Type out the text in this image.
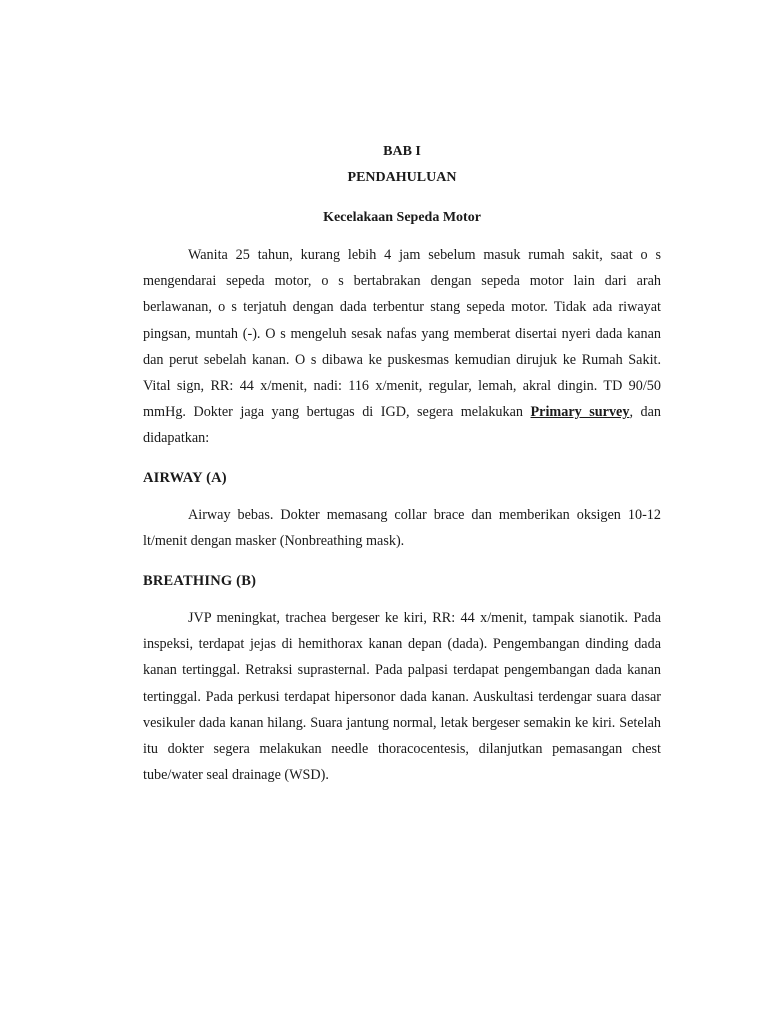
BAB I

PENDAHULUAN

Kecelakaan Sepeda Motor

Wanita 25 tahun, kurang lebih 4 jam sebelum masuk rumah sakit, saat o s mengendarai sepeda motor, o s bertabrakan dengan sepeda motor lain dari arah berlawanan, o s terjatuh dengan dada terbentur stang sepeda motor. Tidak ada riwayat pingsan, muntah (-). O s mengeluh sesak nafas yang memberat disertai nyeri dada kanan dan perut sebelah kanan. O s dibawa ke puskesmas kemudian dirujuk ke Rumah Sakit. Vital sign, RR: 44 x/menit, nadi: 116 x/menit, regular, lemah, akral dingin. TD 90/50 mmHg. Dokter jaga yang bertugas di IGD, segera melakukan Primary survey, dan didapatkan:

AIRWAY (A)

Airway bebas. Dokter memasang collar brace dan memberikan oksigen 10-12 lt/menit dengan masker (Nonbreathing mask).

BREATHING (B)

JVP meningkat, trachea bergeser ke kiri, RR: 44 x/menit, tampak sianotik. Pada inspeksi, terdapat jejas di hemithorax kanan depan (dada). Pengembangan dinding dada kanan tertinggal. Retraksi suprasternal. Pada palpasi terdapat pengembangan dada kanan tertinggal. Pada perkusi terdapat hipersonor dada kanan. Auskultasi terdengar suara dasar vesikuler dada kanan hilang. Suara jantung normal, letak bergeser semakin ke kiri. Setelah itu dokter segera melakukan needle thoracocentesis, dilanjutkan pemasangan chest tube/water seal drainage (WSD).
